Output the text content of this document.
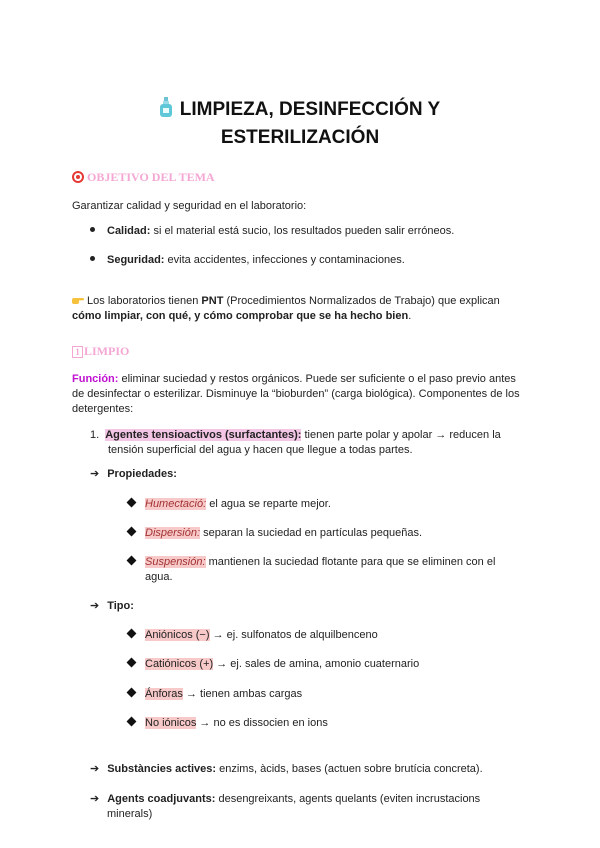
LIMPIEZA, DESINFECCIÓN Y
ESTERILIZACIÓN
OBJETIVO DEL TEMA
Garantizar calidad y seguridad en el laboratorio:
Calidad: si el material está sucio, los resultados pueden salir erróneos.
Seguridad: evita accidentes, infecciones y contaminaciones.
Los laboratorios tienen PNT (Procedimientos Normalizados de Trabajo) que explican
cómo limpiar, con qué, y cómo comprobar que se ha hecho bien.
1 LIMPIO
Función: eliminar suciedad y restos orgánicos. Puede ser suficiente o el paso previo antes
de desinfectar o esterilizar. Disminuye la “bioburden” (carga biológica). Componentes de los
detergentes:
1. Agentes tensioactivos (surfactantes): tienen parte polar y apolar → reducen la
tensión superficial del agua y hacen que llegue a todas partes.
➔ Propiedades:
Humectació: el agua se reparte mejor.
Dispersión: separan la suciedad en partículas pequeñas.
Suspensión: mantienen la suciedad flotante para que se eliminen con el
agua.
➔ Tipo:
Aniónicos (−) → ej. sulfonatos de alquilbenceno
Catiónicos (+) → ej. sales de amina, amonio cuaternario
Ánforas → tienen ambas cargas
No iónicos → no es dissocien en ions
➔ Substàncies actives: enzims, àcids, bases (actuen sobre brutícia concreta).
➔ Agents coadjuvants: desengreixants, agents quelants (eviten incrustacions
minerals)
